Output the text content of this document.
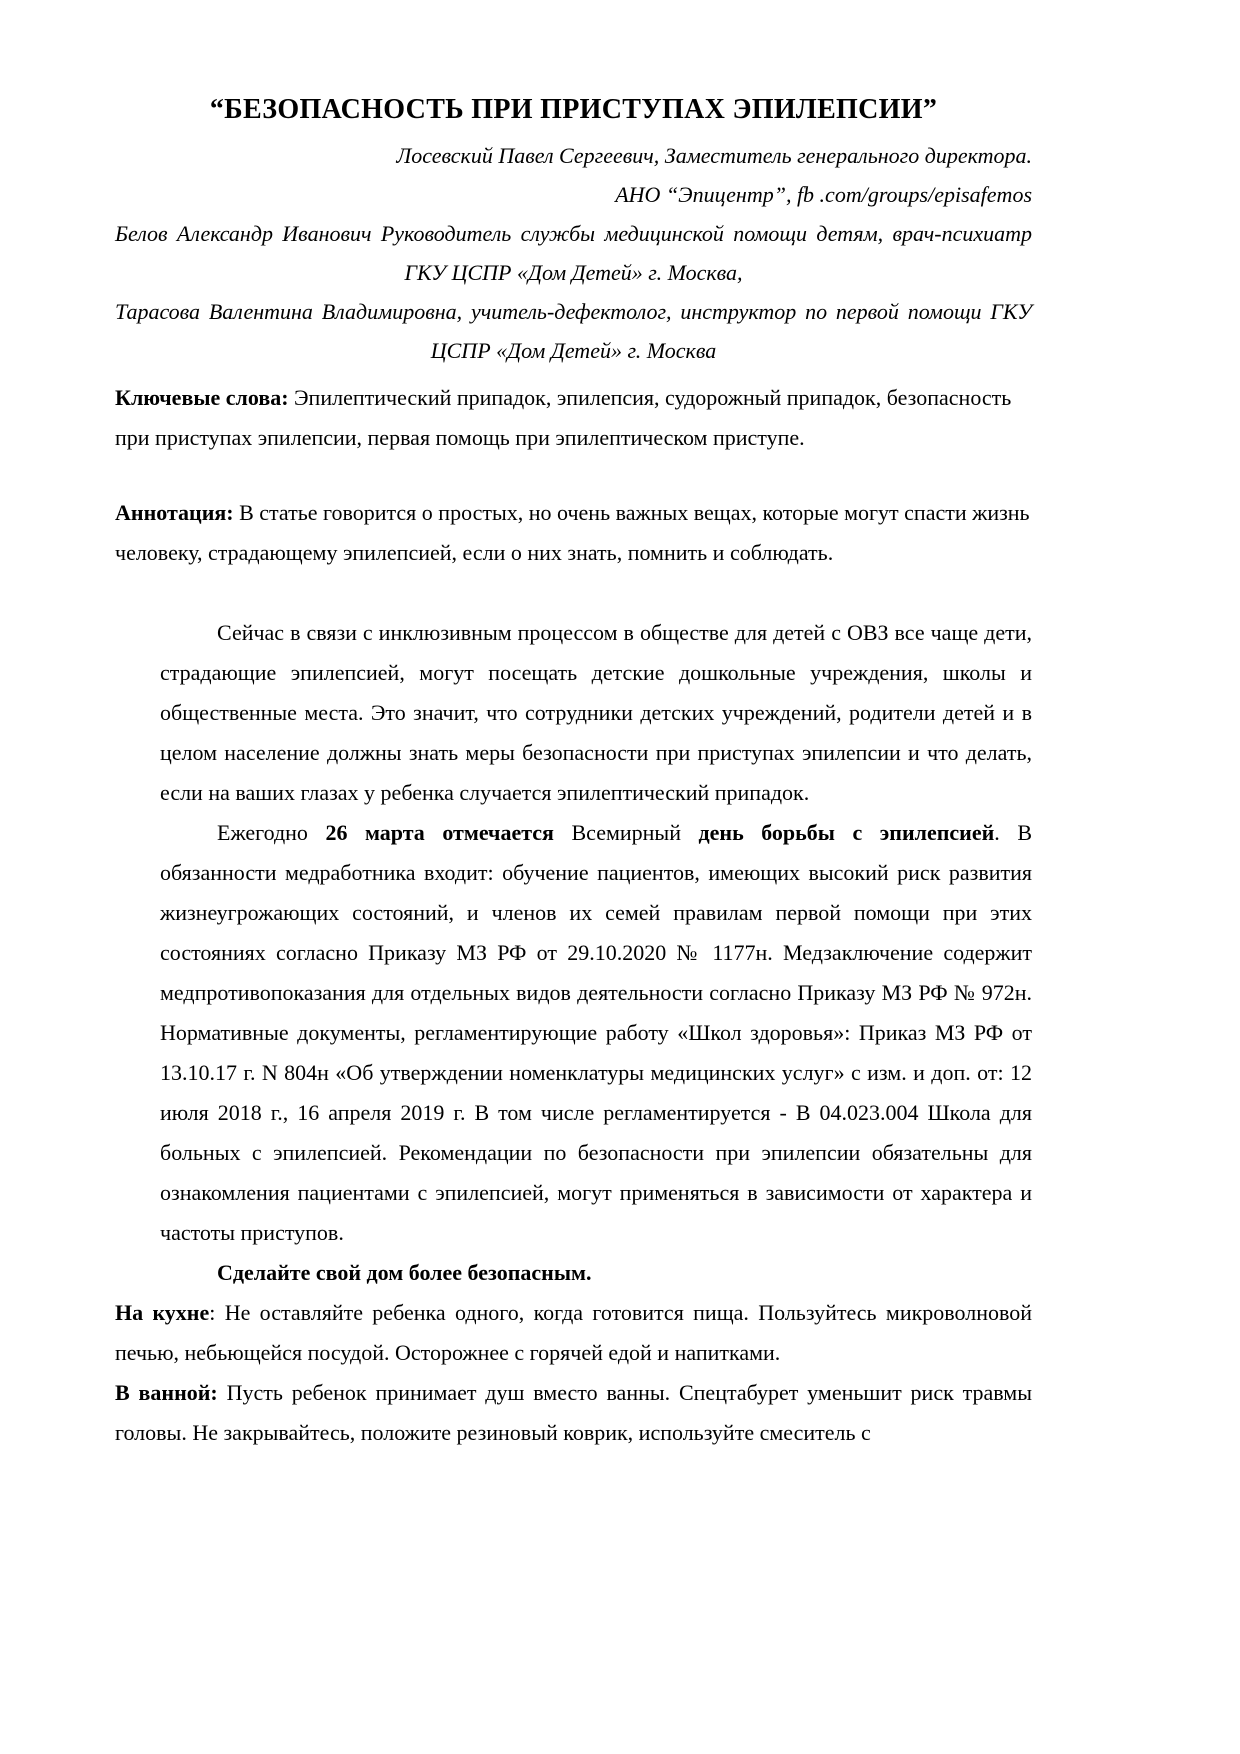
“БЕЗОПАСНОСТЬ ПРИ ПРИСТУПАХ ЭПИЛЕПСИИ”

Лосевский Павел Сергеевич, Заместитель генерального директора.

АНО “Эпицентр”, fb .com/groups/episafemos

Белов Александр Иванович Руководитель службы медицинской помощи детям, врач-психиатр ГКУ ЦСПР «Дом Детей» г. Москва,

Тарасова Валентина Владимировна, учитель-дефектолог, инструктор по первой помощи ГКУ ЦСПР «Дом Детей» г. Москва

Ключевые слова: Эпилептический припадок, эпилепсия, судорожный припадок, безопасность при приступах эпилепсии, первая помощь при эпилептическом приступе.

Аннотация: В статье говорится о простых, но очень важных вещах, которые могут спасти жизнь человеку, страдающему эпилепсией, если о них знать, помнить и соблюдать.

Сейчас в связи с инклюзивным процессом в обществе для детей с ОВЗ все чаще дети, страдающие эпилепсией, могут посещать детские дошкольные учреждения, школы и общественные места. Это значит, что сотрудники детских учреждений, родители детей и в целом население должны знать меры безопасности при приступах эпилепсии и что делать, если на ваших глазах у ребенка случается эпилептический припадок.

Ежегодно 26 марта отмечается Всемирный день борьбы с эпилепсией. В обязанности медработника входит: обучение пациентов, имеющих высокий риск развития жизнеугрожающих состояний, и членов их семей правилам первой помощи при этих состояниях согласно Приказу МЗ РФ от 29.10.2020 № 1177н. Медзаключение содержит медпротивопоказания для отдельных видов деятельности согласно Приказу МЗ РФ № 972н. Нормативные документы, регламентирующие работу «Школ здоровья»: Приказ МЗ РФ от 13.10.17 г. N 804н «Об утверждении номенклатуры медицинских услуг» с изм. и доп. от: 12 июля 2018 г., 16 апреля 2019 г. В том числе регламентируется - В 04.023.004 Школа для больных с эпилепсией. Рекомендации по безопасности при эпилепсии обязательны для ознакомления пациентами с эпилепсией, могут применяться в зависимости от характера и частоты приступов.

Сделайте свой дом более безопасным.

На кухне: Не оставляйте ребенка одного, когда готовится пища. Пользуйтесь микроволновой печью, небьющейся посудой. Осторожнее с горячей едой и напитками.

В ванной: Пусть ребенок принимает душ вместо ванны. Спецтабурет уменьшит риск травмы головы. Не закрывайтесь, положите резиновый коврик, используйте смеситель с
